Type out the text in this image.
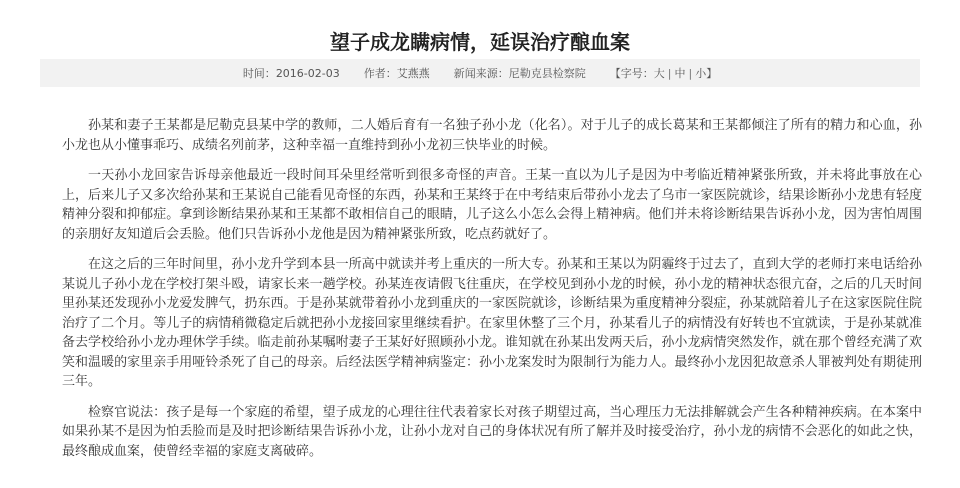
望子成龙瞒病情，延误治疗酿血案
时间：2016-02-03 作者：艾燕燕 新闻来源：尼勒克县检察院 【字号：大 | 中 | 小】

孙某和妻子王某都是尼勒克县某中学的教师，二人婚后育有一名独子孙小龙（化名）。对于儿子的成长葛某和王某都倾注了所有的精力和心血，孙小龙也从小懂事乖巧、成绩名列前茅，这种幸福一直维持到孙小龙初三快毕业的时候。

一天孙小龙回家告诉母亲他最近一段时间耳朵里经常听到很多奇怪的声音。王某一直以为儿子是因为中考临近精神紧张所致，并未将此事放在心上，后来儿子又多次给孙某和王某说自己能看见奇怪的东西，孙某和王某终于在中考结束后带孙小龙去了乌市一家医院就诊，结果诊断孙小龙患有轻度精神分裂和抑郁症。拿到诊断结果孙某和王某都不敢相信自己的眼睛，儿子这么小怎么会得上精神病。他们并未将诊断结果告诉孙小龙，因为害怕周围的亲朋好友知道后会丢脸。他们只告诉孙小龙他是因为精神紧张所致，吃点药就好了。

在这之后的三年时间里，孙小龙升学到本县一所高中就读并考上重庆的一所大专。孙某和王某以为阴霾终于过去了，直到大学的老师打来电话给孙某说儿子孙小龙在学校打架斗殴，请家长来一趟学校。孙某连夜请假飞往重庆，在学校见到孙小龙的时候，孙小龙的精神状态很亢奋，之后的几天时间里孙某还发现孙小龙爱发脾气，扔东西。于是孙某就带着孙小龙到重庆的一家医院就诊，诊断结果为重度精神分裂症，孙某就陪着儿子在这家医院住院治疗了二个月。等儿子的病情稍微稳定后就把孙小龙接回家里继续看护。在家里休整了三个月，孙某看儿子的病情没有好转也不宜就读，于是孙某就准备去学校给孙小龙办理休学手续。临走前孙某嘱咐妻子王某好好照顾孙小龙。谁知就在孙某出发两天后，孙小龙病情突然发作，就在那个曾经充满了欢笑和温暖的家里亲手用哑铃杀死了自己的母亲。后经法医学精神病鉴定：孙小龙案发时为限制行为能力人。最终孙小龙因犯故意杀人罪被判处有期徒刑三年。

检察官说法：孩子是每一个家庭的希望，望子成龙的心理往往代表着家长对孩子期望过高，当心理压力无法排解就会产生各种精神疾病。在本案中如果孙某不是因为怕丢脸而是及时把诊断结果告诉孙小龙，让孙小龙对自己的身体状况有所了解并及时接受治疗，孙小龙的病情不会恶化的如此之快，最终酿成血案，使曾经幸福的家庭支离破碎。
